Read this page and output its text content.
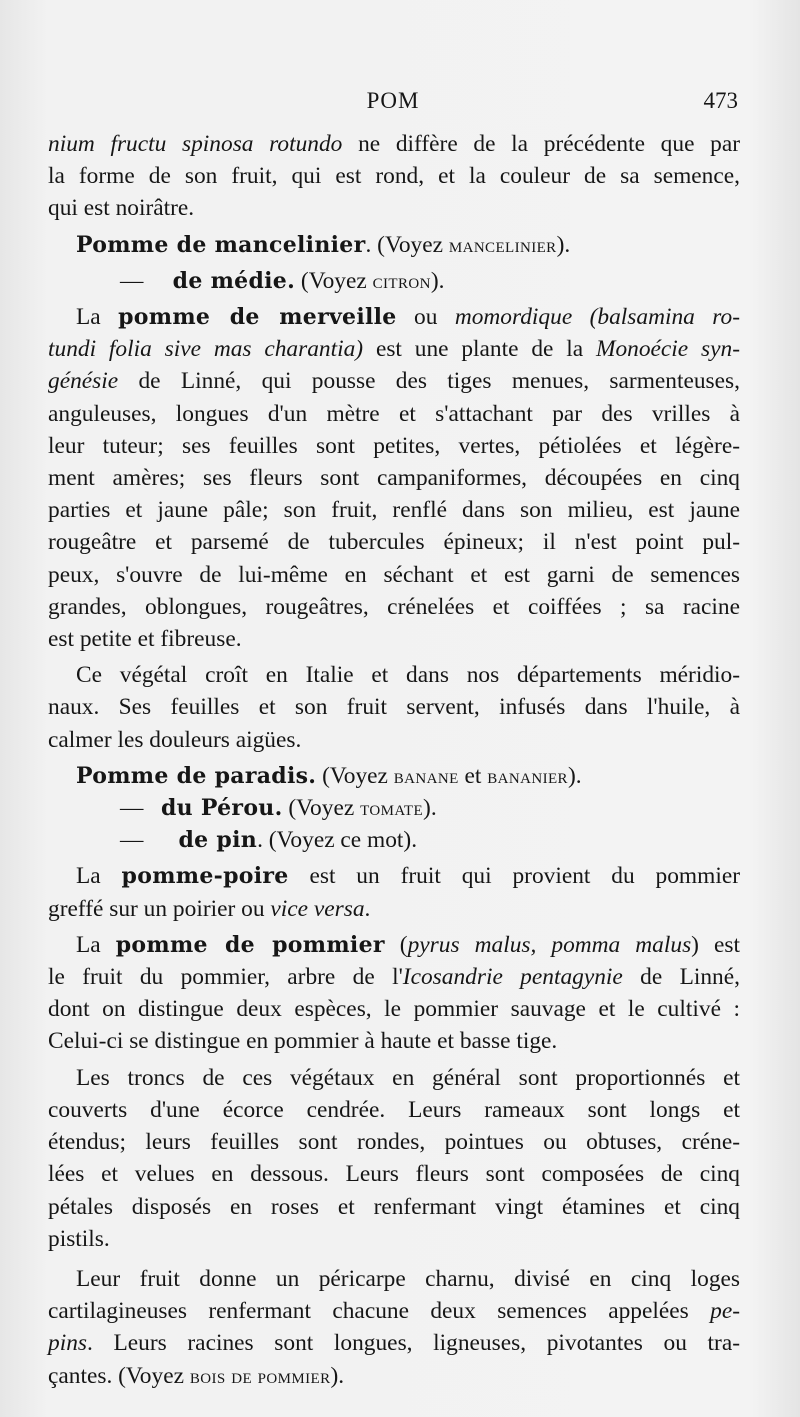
POM	473
nium fructu spinosa rotundo ne diffère de la précédente que par
la forme de son fruit, qui est rond, et la couleur de sa semence,
qui est noirâtre.
Pomme de mancelinier. (Voyez mancelinier).
— de médie. (Voyez citron).
La pomme de merveille ou momordique (balsamina ro-
tundi folia sive mas charantia) est une plante de la Monoécie syn-
génésie de Linné, qui pousse des tiges menues, sarmenteuses,
anguleuses, longues d'un mètre et s'attachant par des vrilles à
leur tuteur; ses feuilles sont petites, vertes, pétiolées et légère-
ment amères; ses fleurs sont campaniformes, découpées en cinq
parties et jaune pâle; son fruit, renflé dans son milieu, est jaune
rougeâtre et parsemé de tubercules épineux; il n'est point pul-
peux, s'ouvre de lui-même en séchant et est garni de semences
grandes, oblongues, rougeâtres, crénelées et coiffées ; sa racine
est petite et fibreuse.
Ce végétal croît en Italie et dans nos départements méridio-
naux. Ses feuilles et son fruit servent, infusés dans l'huile, à
calmer les douleurs aigües.
Pomme de paradis. (Voyez banane et bananier).
— du Pérou. (Voyez tomate).
— de pin. (Voyez ce mot).
La pomme-poire est un fruit qui provient du pommier
greffé sur un poirier ou vice versa.
La pomme de pommier (pyrus malus, pomma malus) est
le fruit du pommier, arbre de l'Icosandrie pentagynie de Linné,
dont on distingue deux espèces, le pommier sauvage et le cultivé :
Celui-ci se distingue en pommier à haute et basse tige.
Les troncs de ces végétaux en général sont proportionnés et
couverts d'une écorce cendrée. Leurs rameaux sont longs et
étendus; leurs feuilles sont rondes, pointues ou obtuses, créne-
lées et velues en dessous. Leurs fleurs sont composées de cinq
pétales disposés en roses et renfermant vingt étamines et cinq
pistils.
Leur fruit donne un péricarpe charnu, divisé en cinq loges
cartilagineuses renfermant chacune deux semences appelées pe-
pins. Leurs racines sont longues, ligneuses, pivotantes ou tra-
çantes. (Voyez bois de pommier).
